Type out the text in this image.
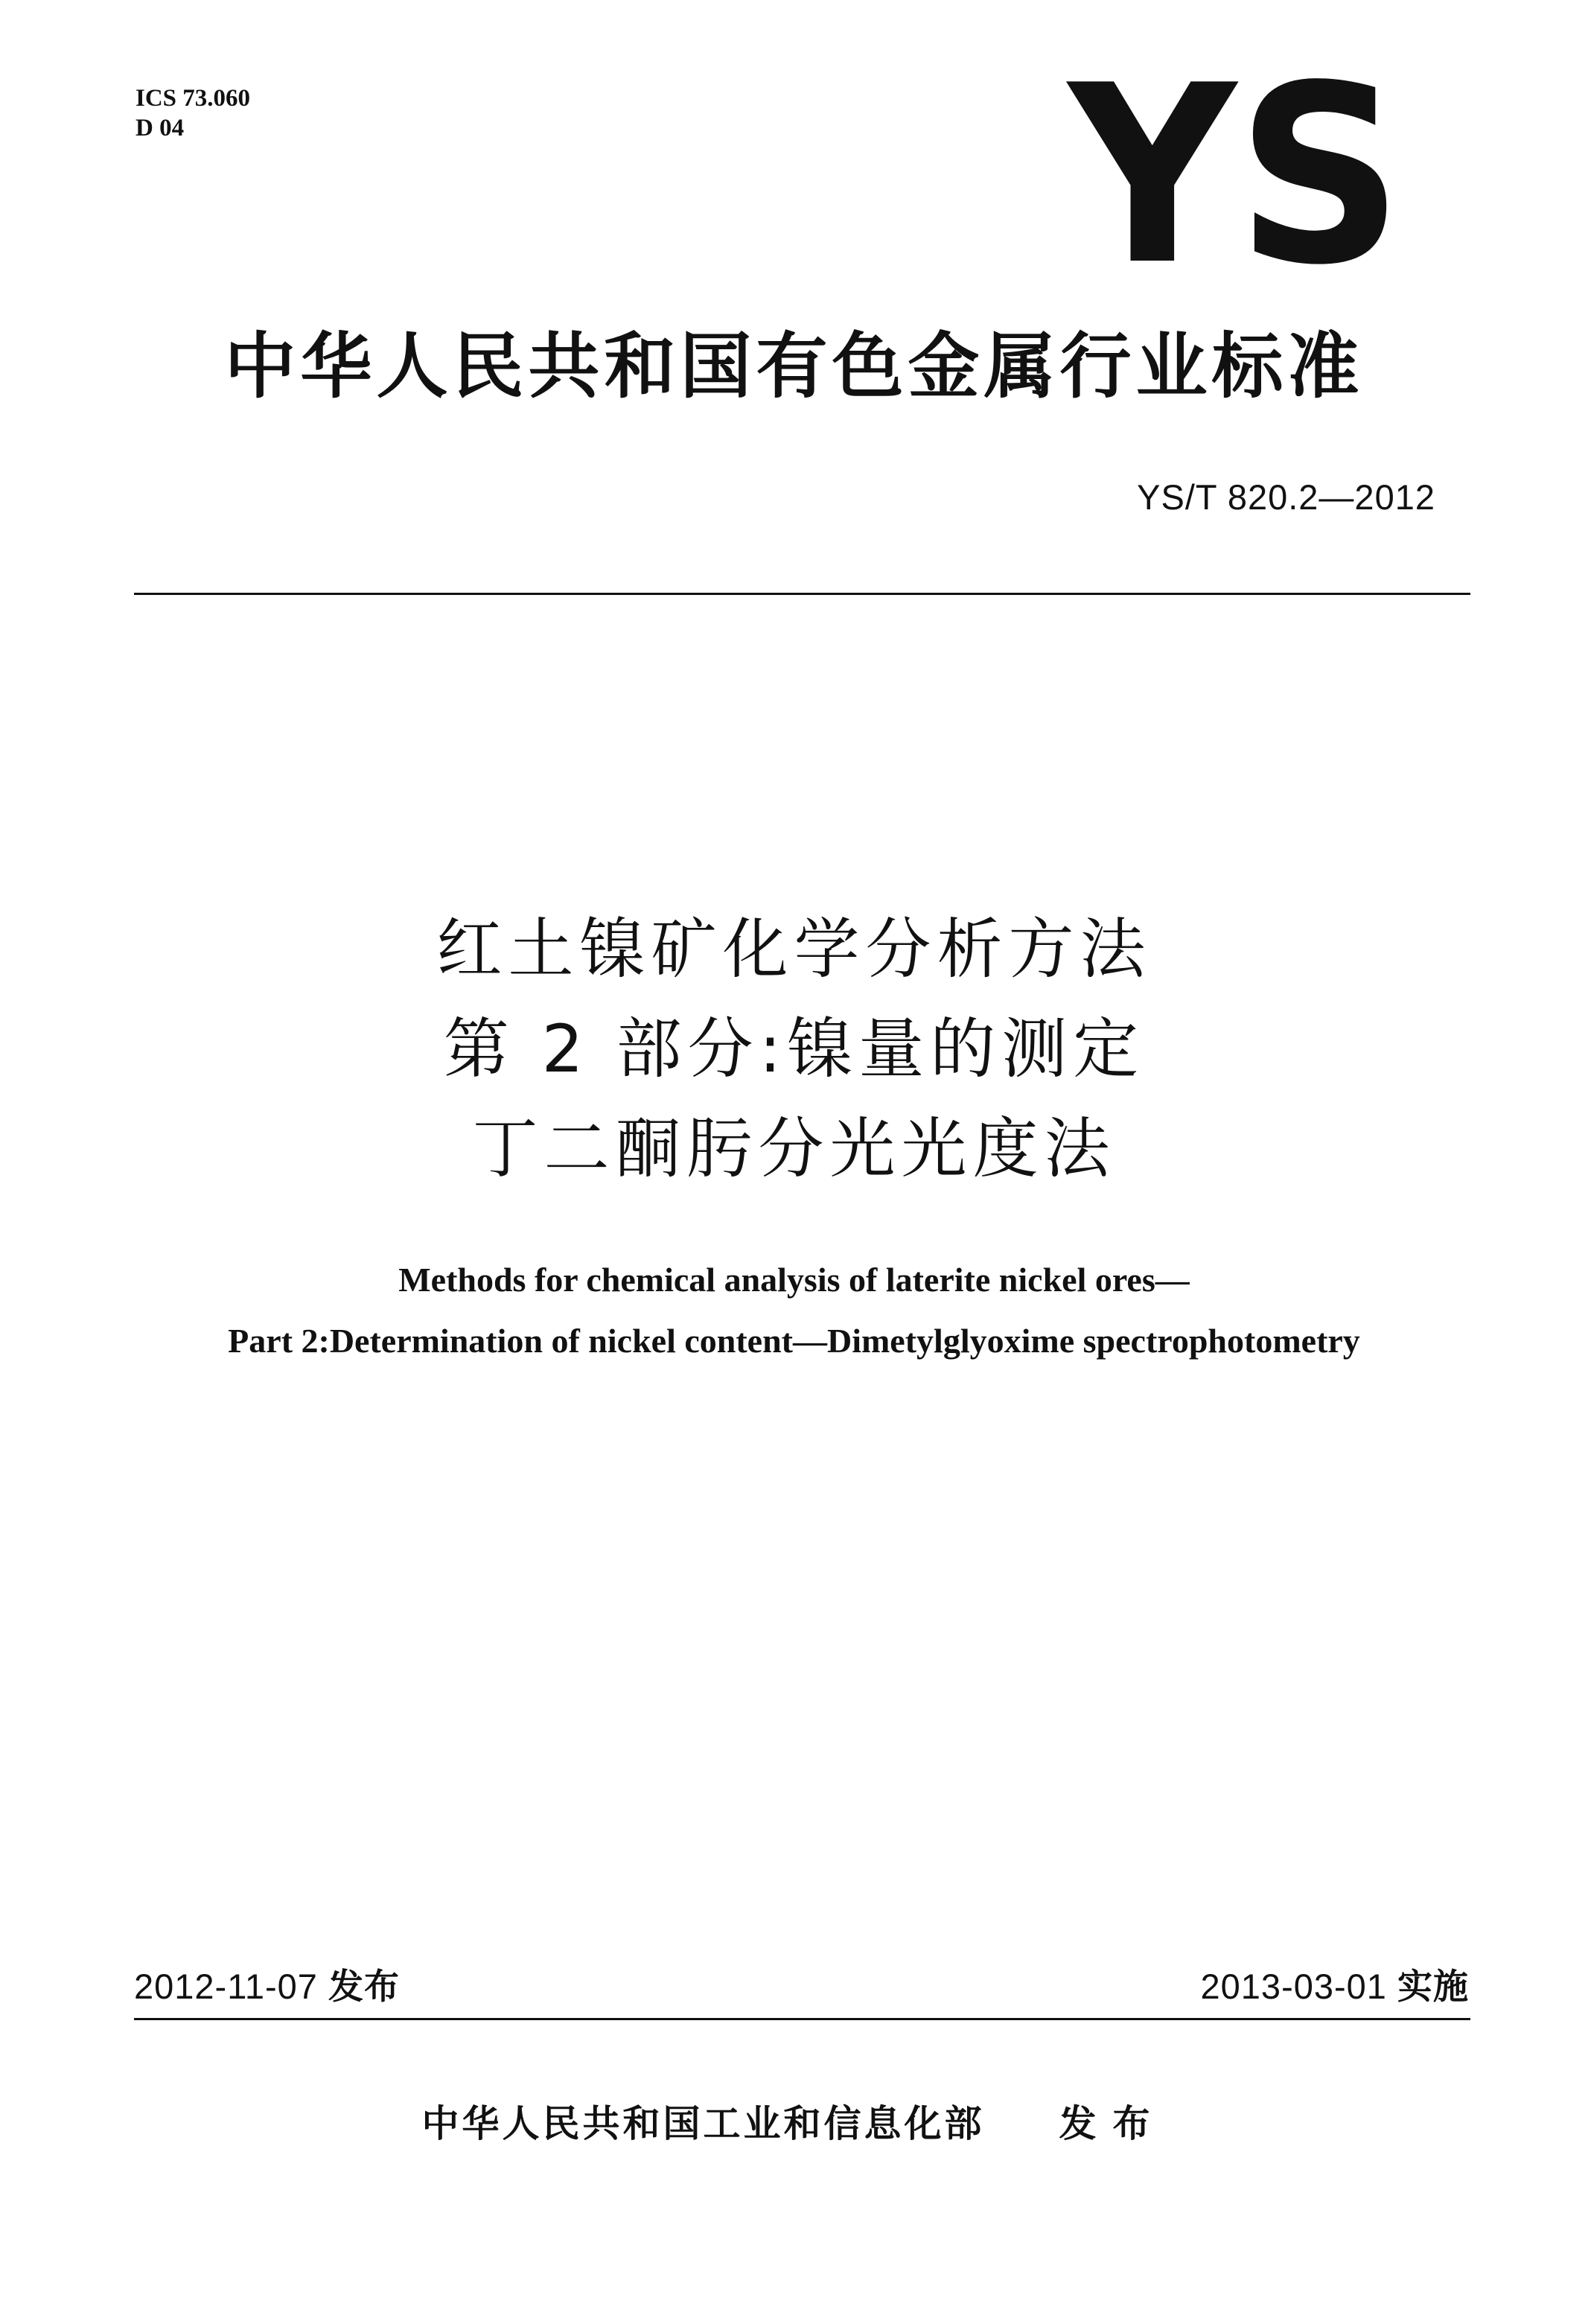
ICS 73.060
D 04	YS
中华人民共和国有色金属行业标准
YS/T 820.2—2012
红土镍矿化学分析方法
第 2 部分:镍量的测定
丁二酮肟分光光度法
Methods for chemical analysis of laterite nickel ores—
Part 2:Determination of nickel content—Dimetylglyoxime spectrophotometry
2012-11-07 发布	2013-03-01 实施
中华人民共和国工业和信息化部 发布
